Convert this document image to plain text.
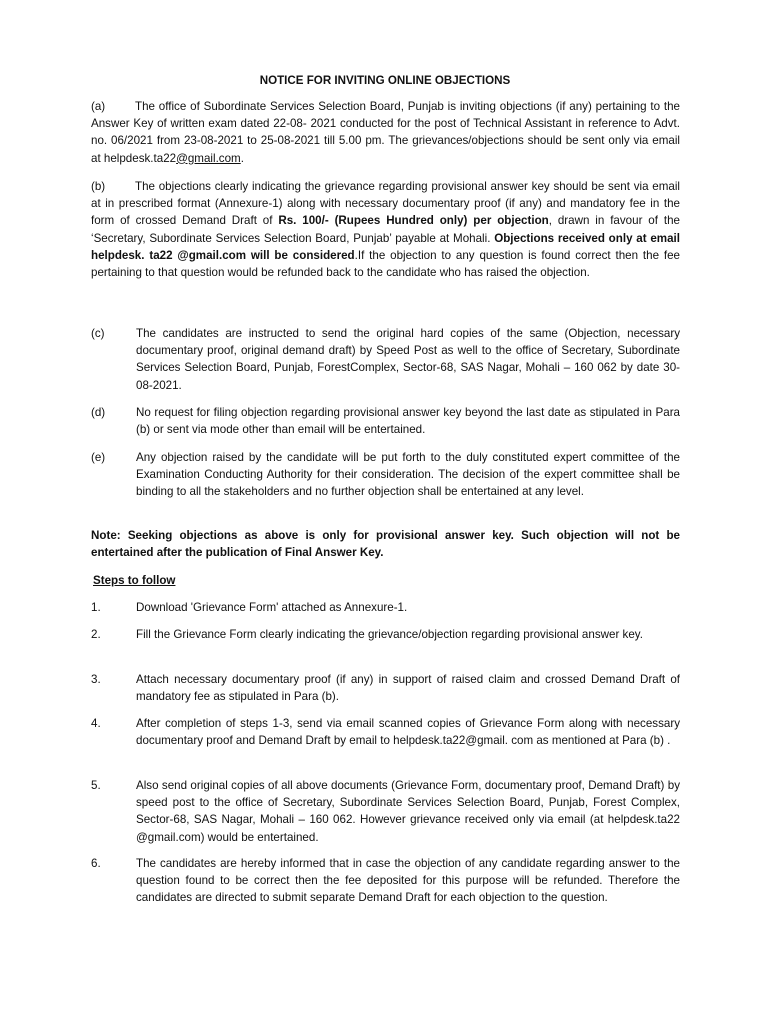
NOTICE FOR INVITING ONLINE OBJECTIONS
(a)	The office of Subordinate Services Selection Board, Punjab is inviting objections (if any) pertaining to the Answer Key of written exam dated 22-08- 2021 conducted for the post of Technical Assistant in reference to Advt. no. 06/2021 from 23-08-2021 to 25-08-2021 till 5.00 pm. The grievances/objections should be sent only via email at helpdesk.ta22@gmail.com.
(b)	The objections clearly indicating the grievance regarding provisional answer key should be sent via email at in prescribed format (Annexure-1) along with necessary documentary proof (if any) and mandatory fee in the form of crossed Demand Draft of Rs. 100/- (Rupees Hundred only) per objection, drawn in favour of the ‘Secretary, Subordinate Services Selection Board, Punjab’ payable at Mohali. Objections received only at email helpdesk. ta22 @gmail.com will be considered.If the objection to any question is found correct then the fee pertaining to that question would be refunded back to the candidate who has raised the objection.
(c)	The candidates are instructed to send the original hard copies of the same (Objection, necessary documentary proof, original demand draft) by Speed Post as well to the office of Secretary, Subordinate Services Selection Board, Punjab, ForestComplex, Sector-68, SAS Nagar, Mohali – 160 062 by date 30-08-2021.
(d)	No request for filing objection regarding provisional answer key beyond the last date as stipulated in Para (b) or sent via mode other than email will be entertained.
(e)	Any objection raised by the candidate will be put forth to the duly constituted expert committee of the Examination Conducting Authority for their consideration. The decision of the expert committee shall be binding to all the stakeholders and no further objection shall be entertained at any level.
Note: Seeking objections as above is only for provisional answer key. Such objection will not be entertained after the publication of Final Answer Key.
Steps to follow
1.	Download 'Grievance Form' attached as Annexure-1.
2.	Fill the Grievance Form clearly indicating the grievance/objection regarding provisional answer key.
3.	Attach necessary documentary proof (if any) in support of raised claim and crossed Demand Draft of mandatory fee as stipulated in Para (b).
4.	After completion of steps 1-3, send via email scanned copies of Grievance Form along with necessary documentary proof and Demand Draft by email to helpdesk.ta22@gmail. com as mentioned at Para (b) .
5.	Also send original copies of all above documents (Grievance Form, documentary proof, Demand Draft) by speed post to the office of Secretary, Subordinate Services Selection Board, Punjab, Forest Complex, Sector-68, SAS Nagar, Mohali – 160 062. However grievance received only via email (at helpdesk.ta22 @gmail.com) would be entertained.
6.	The candidates are hereby informed that in case the objection of any candidate regarding answer to the question found to be correct then the fee deposited for this purpose will be refunded. Therefore the candidates are directed to submit separate Demand Draft for each objection to the question.
